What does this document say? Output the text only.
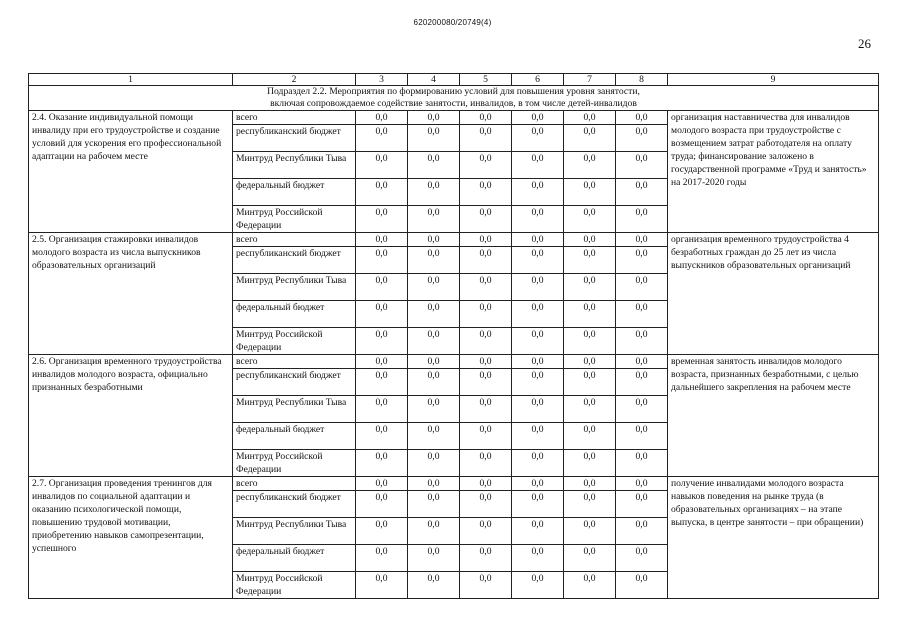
620200080/20749(4)
26
1	2	3	4	5	6	7	8	9

Подраздел 2.2. Мероприятия по формированию условий для повышения уровня занятости,
включая сопровождаемое содействие занятости, инвалидов, в том числе детей-инвалидов								

2.4. Оказание индивидуальной помощи инвалиду при его трудоустройстве и создание условий для ускорения его профессиональной адаптации на рабочем месте	всего	0,0	0,0	0,0	0,0	0,0	0,0	организация наставничества для инвалидов молодого возраста при трудоустройстве с возмещением затрат работодателя на оплату труда; финансирование заложено в государственной программе «Труд и занятость» на 2017-2020 годы
	республиканский бюджет	0,0	0,0	0,0	0,0	0,0	0,0	
	Минтруд Республики Тыва	0,0	0,0	0,0	0,0	0,0	0,0	
	федеральный бюджет	0,0	0,0	0,0	0,0	0,0	0,0	
	Минтруд Российской Федерации	0,0	0,0	0,0	0,0	0,0	0,0	
2.5. Организация стажировки инвалидов молодого возраста из числа выпускников образовательных организаций	всего	0,0	0,0	0,0	0,0	0,0	0,0	организация временного трудоустройства 4 безработных граждан до 25 лет из числа выпускников образовательных организаций
	республиканский бюджет	0,0	0,0	0,0	0,0	0,0	0,0	
	Минтруд Республики Тыва	0,0	0,0	0,0	0,0	0,0	0,0	
	федеральный бюджет	0,0	0,0	0,0	0,0	0,0	0,0	
	Минтруд Российской Федерации	0,0	0,0	0,0	0,0	0,0	0,0	
2.6. Организация временного трудоустройства инвалидов молодого возраста, официально признанных безработными	всего	0,0	0,0	0,0	0,0	0,0	0,0	временная занятость инвалидов молодого возраста, признанных безработными, с целью дальнейшего закрепления на рабочем месте
	республиканский бюджет	0,0	0,0	0,0	0,0	0,0	0,0	
	Минтруд Республики Тыва	0,0	0,0	0,0	0,0	0,0	0,0	
	федеральный бюджет	0,0	0,0	0,0	0,0	0,0	0,0	
	Минтруд Российской Федерации	0,0	0,0	0,0	0,0	0,0	0,0	
2.7. Организация проведения тренингов для инвалидов по социальной адаптации и оказанию психологической помощи, повышению трудовой мотивации, приобретению навыков самопрезентации, успешного	всего	0,0	0,0	0,0	0,0	0,0	0,0	получение инвалидами молодого возраста навыков поведения на рынке труда (в образовательных организациях – на этапе выпуска, в центре занятости – при обращении)
	республиканский бюджет	0,0	0,0	0,0	0,0	0,0	0,0	
	Минтруд Республики Тыва	0,0	0,0	0,0	0,0	0,0	0,0	
	федеральный бюджет	0,0	0,0	0,0	0,0	0,0	0,0	
	Минтруд Российской Федерации	0,0	0,0	0,0	0,0	0,0	0,0	
